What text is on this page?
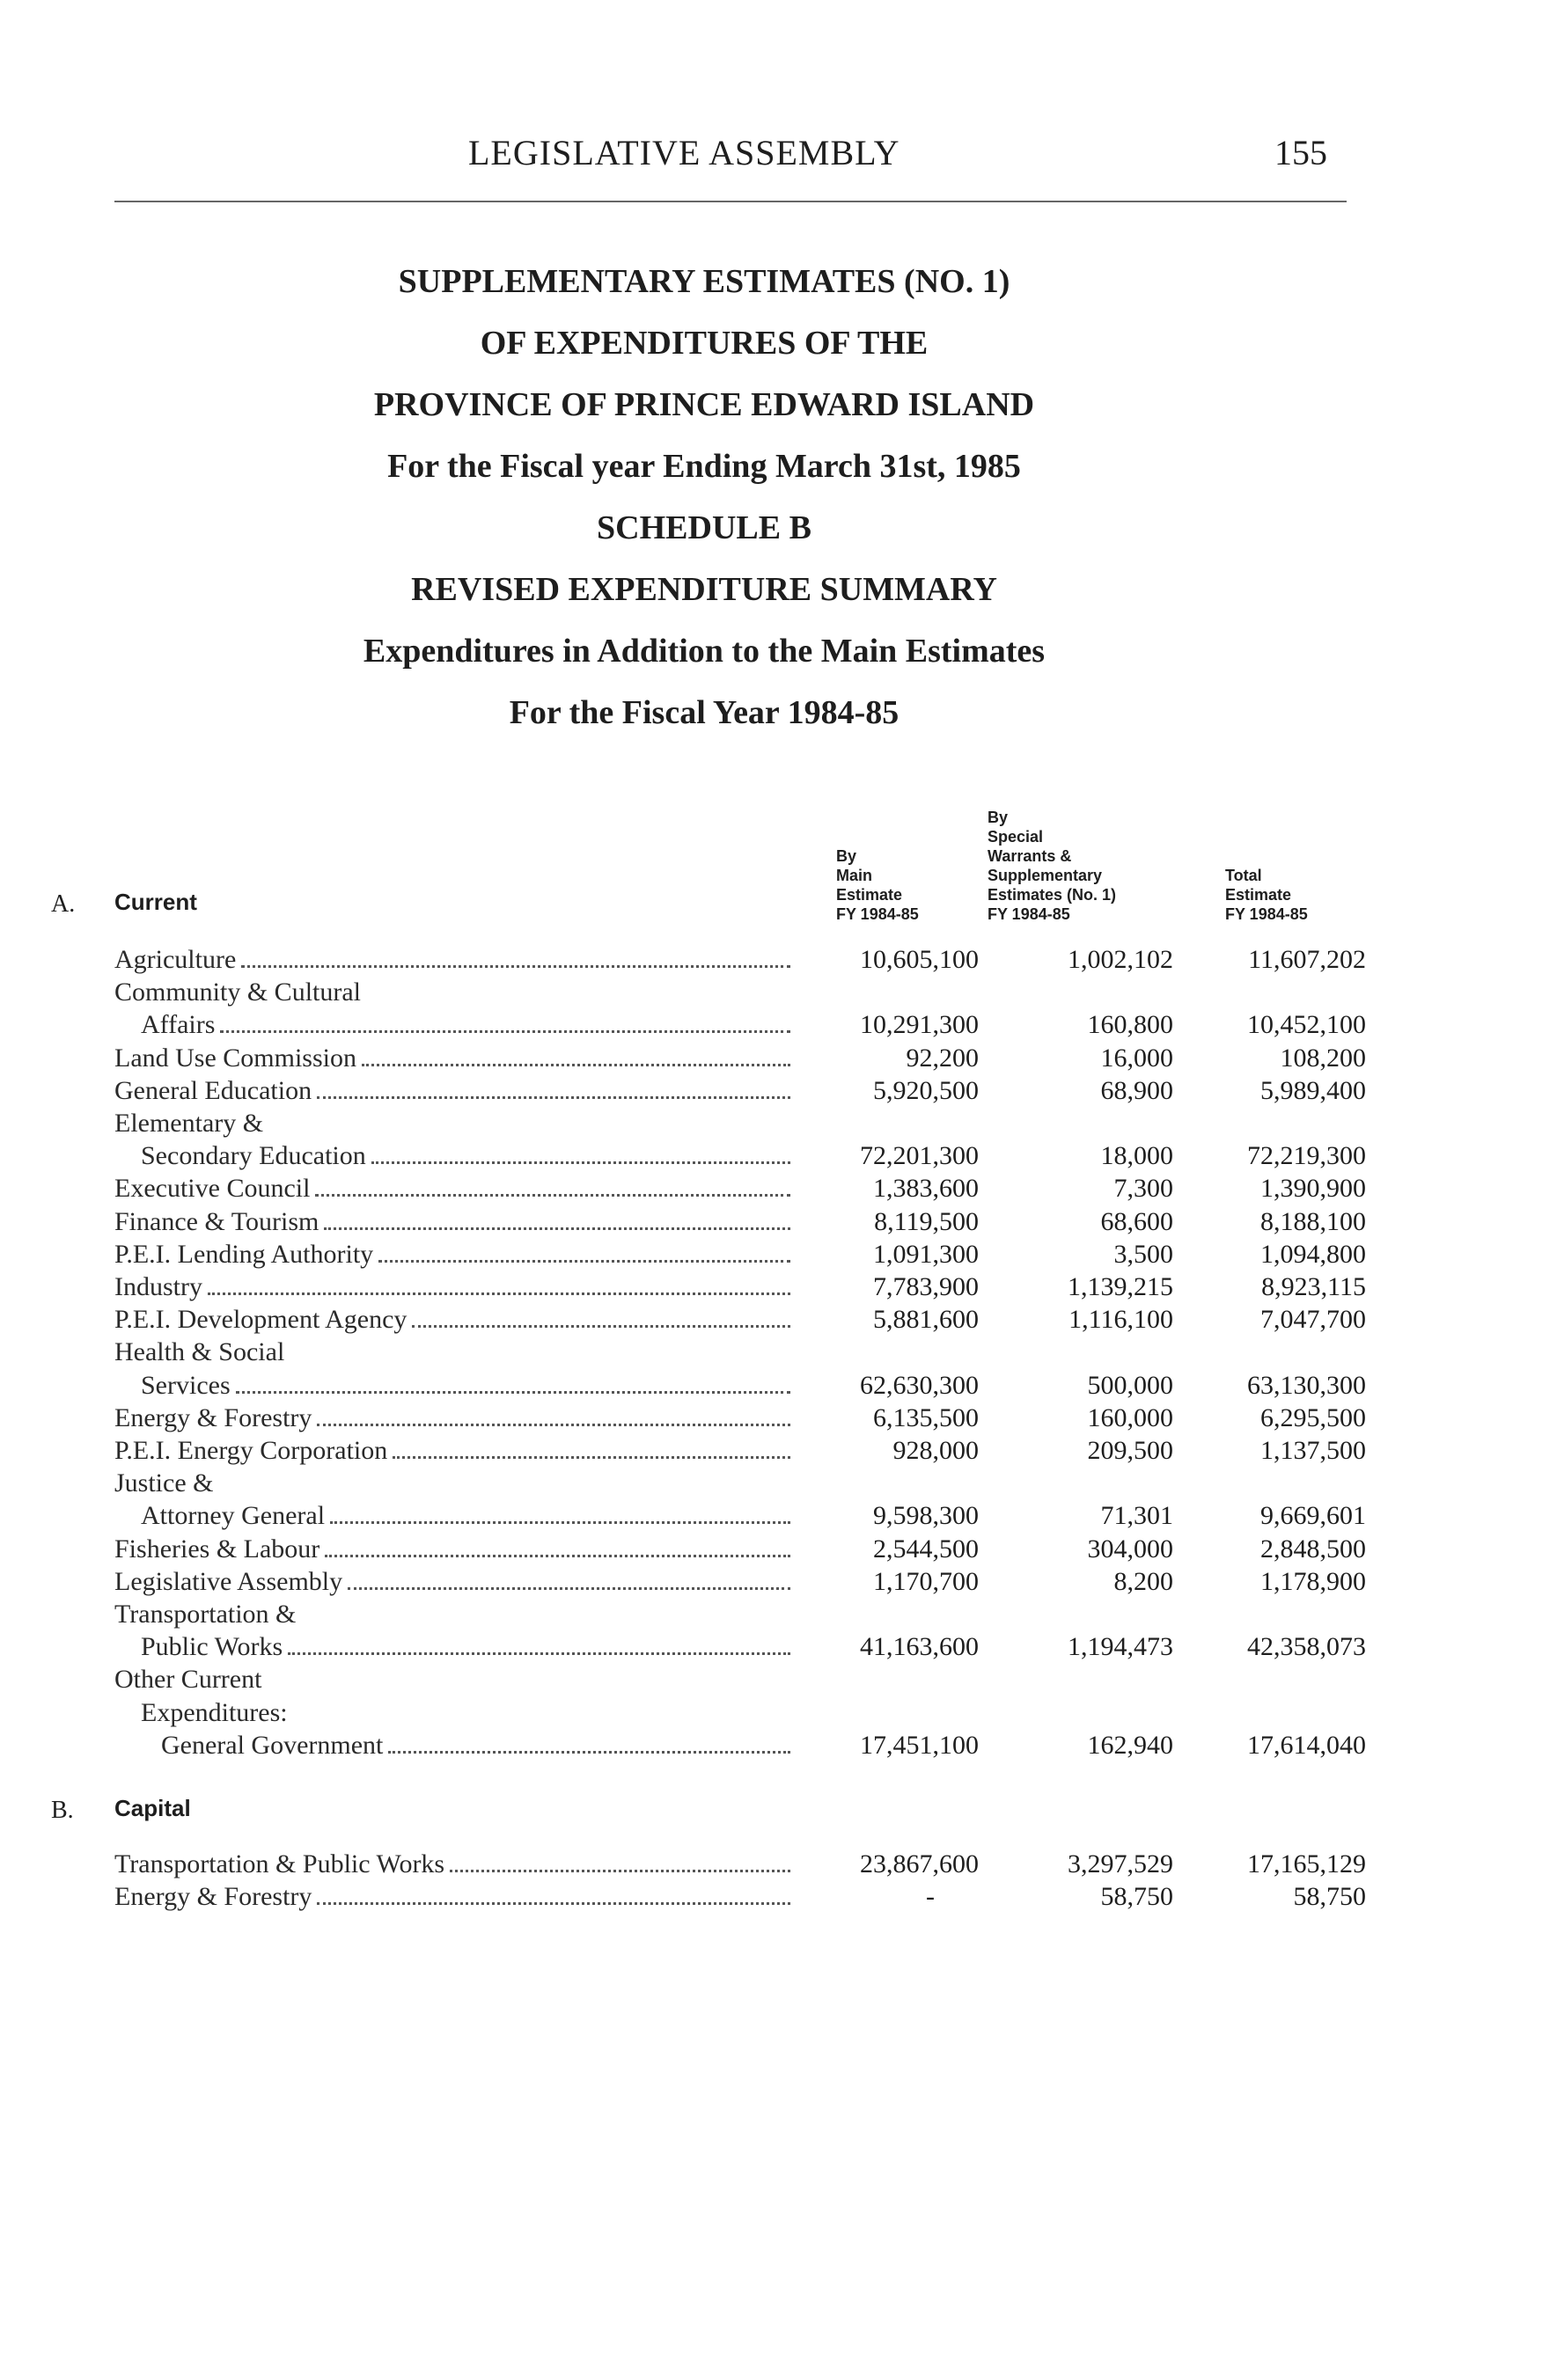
LEGISLATIVE ASSEMBLY	155
SUPPLEMENTARY ESTIMATES (NO. 1)
OF EXPENDITURES OF THE
PROVINCE OF PRINCE EDWARD ISLAND
For the Fiscal year Ending March 31st, 1985
SCHEDULE B
REVISED EXPENDITURE SUMMARY
Expenditures in Addition to the Main Estimates
For the Fiscal Year 1984-85
By
Main
Estimate
FY 1984-85
By
Special
Warrants &
Supplementary
Estimates (No. 1)
FY 1984-85
Total
Estimate
FY 1984-85
A. Current
Agriculture	10,605,100	1,002,102	11,607,202
Community & Cultural
Affairs	10,291,300	160,800	10,452,100
Land Use Commission	92,200	16,000	108,200
General Education	5,920,500	68,900	5,989,400
Elementary &
Secondary Education	72,201,300	18,000	72,219,300
Executive Council	1,383,600	7,300	1,390,900
Finance & Tourism	8,119,500	68,600	8,188,100
P.E.I. Lending Authority	1,091,300	3,500	1,094,800
Industry	7,783,900	1,139,215	8,923,115
P.E.I. Development Agency	5,881,600	1,116,100	7,047,700
Health & Social
Services	62,630,300	500,000	63,130,300
Energy & Forestry	6,135,500	160,000	6,295,500
P.E.I. Energy Corporation	928,000	209,500	1,137,500
Justice &
Attorney General	9,598,300	71,301	9,669,601
Fisheries & Labour	2,544,500	304,000	2,848,500
Legislative Assembly	1,170,700	8,200	1,178,900
Transportation &
Public Works	41,163,600	1,194,473	42,358,073
Other Current
Expenditures:
General Government	17,451,100	162,940	17,614,040
B. Capital
Transportation & Public Works	23,867,600	3,297,529	17,165,129
Energy & Forestry	-	58,750	58,750
